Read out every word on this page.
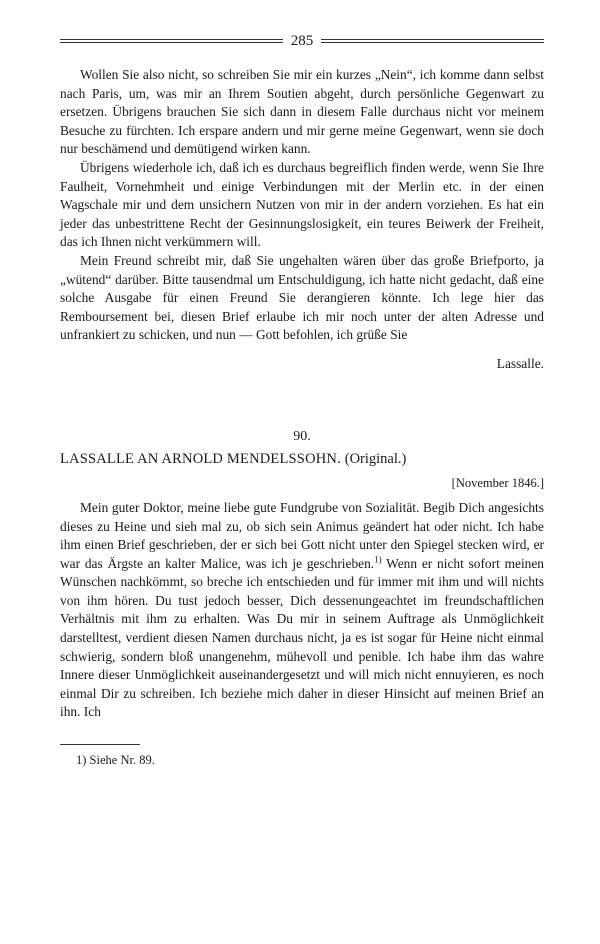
285

Wollen Sie also nicht, so schreiben Sie mir ein kurzes „Nein“, ich komme dann selbst nach Paris, um, was mir an Ihrem Soutien abgeht, durch persönliche Gegenwart zu ersetzen. Übrigens brauchen Sie sich dann in diesem Falle durchaus nicht vor meinem Besuche zu fürchten. Ich erspare andern und mir gerne meine Gegenwart, wenn sie doch nur beschämend und demütigend wirken kann.

Übrigens wiederhole ich, daß ich es durchaus begreiflich finden werde, wenn Sie Ihre Faulheit, Vornehmheit und einige Verbindungen mit der Merlin etc. in der einen Wagschale mir und dem unsichern Nutzen von mir in der andern vorziehen. Es hat ein jeder das unbestrittene Recht der Gesinnungslosigkeit, ein teures Beiwerk der Freiheit, das ich Ihnen nicht verkümmern will.

Mein Freund schreibt mir, daß Sie ungehalten wären über das große Briefporto, ja „wütend“ darüber. Bitte tausendmal um Entschuldigung, ich hatte nicht gedacht, daß eine solche Ausgabe für einen Freund Sie derangieren könnte. Ich lege hier das Remboursement bei, diesen Brief erlaube ich mir noch unter der alten Adresse und unfrankiert zu schicken, und nun — Gott befohlen, ich grüße Sie

Lassalle.

90.

LASSALLE AN ARNOLD MENDELSSOHN. (Original.)

[November 1846.]

Mein guter Doktor, meine liebe gute Fundgrube von Sozialität. Begib Dich angesichts dieses zu Heine und sieh mal zu, ob sich sein Animus geändert hat oder nicht. Ich habe ihm einen Brief geschrieben, der er sich bei Gott nicht unter den Spiegel stecken wird, er war das Ärgste an kalter Malice, was ich je geschrieben.$^{1)}$ Wenn er nicht sofort meinen Wünschen nachkömmt, so breche ich entschieden und für immer mit ihm und will nichts von ihm hören. Du tust jedoch besser, Dich dessenungeachtet im freundschaftlichen Verhältnis mit ihm zu erhalten. Was Du mir in seinem Auftrage als Unmöglichkeit darstelltest, verdient diesen Namen durchaus nicht, ja es ist sogar für Heine nicht einmal schwierig, sondern bloß unangenehm, mühevoll und penible. Ich habe ihm das wahre Innere dieser Unmöglichkeit auseinandergesetzt und will mich nicht ennuyieren, es noch einmal Dir zu schreiben. Ich beziehe mich daher in dieser Hinsicht auf meinen Brief an ihn. Ich

1) Siehe Nr. 89.
